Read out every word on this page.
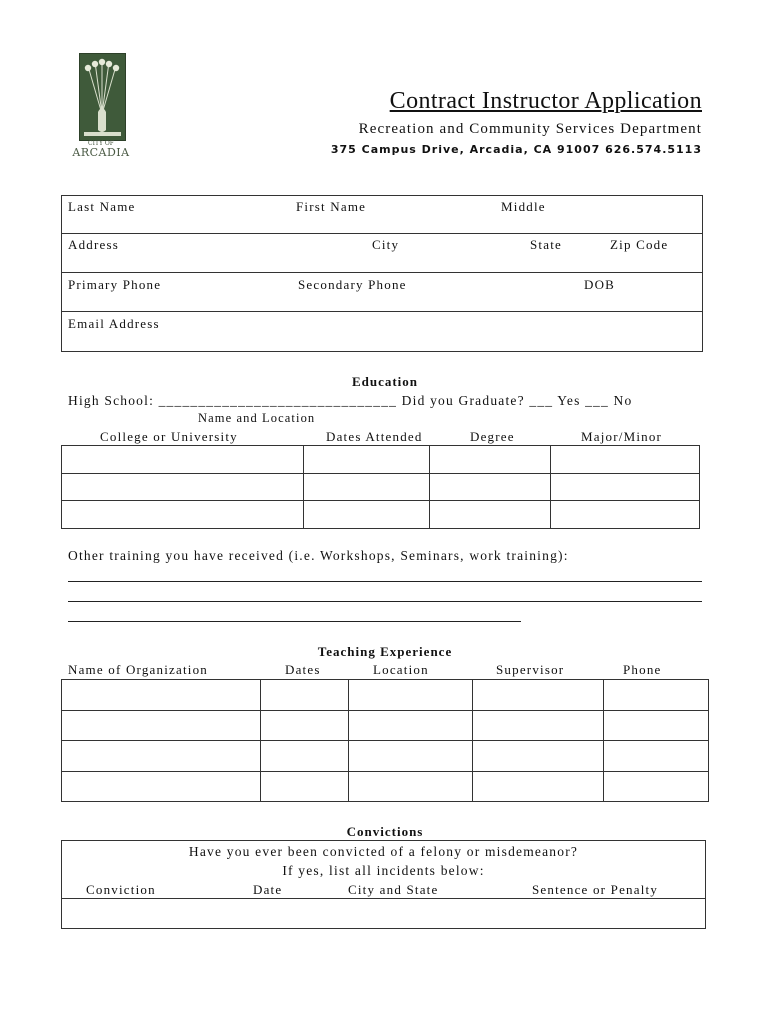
CITY OF
ARCADIA
Contract Instructor Application
Recreation and Community Services Department
375 Campus Drive, Arcadia, CA 91007 626.574.5113
Last Name	First Name	Middle
Address	City	State	Zip Code
Primary Phone	Secondary Phone	DOB
Email Address
Education
High School: ______________________________ Did you Graduate? ___ Yes ___ No
Name and Location
College or University	Dates Attended	Degree	Major/Minor

Other training you have received (i.e. Workshops, Seminars, work training):
Teaching Experience
Name of Organization	Dates	Location	Supervisor	Phone

Convictions
Have you ever been convicted of a felony or misdemeanor?
If yes, list all incidents below:
Conviction	Date	City and State	Sentence or Penalty
